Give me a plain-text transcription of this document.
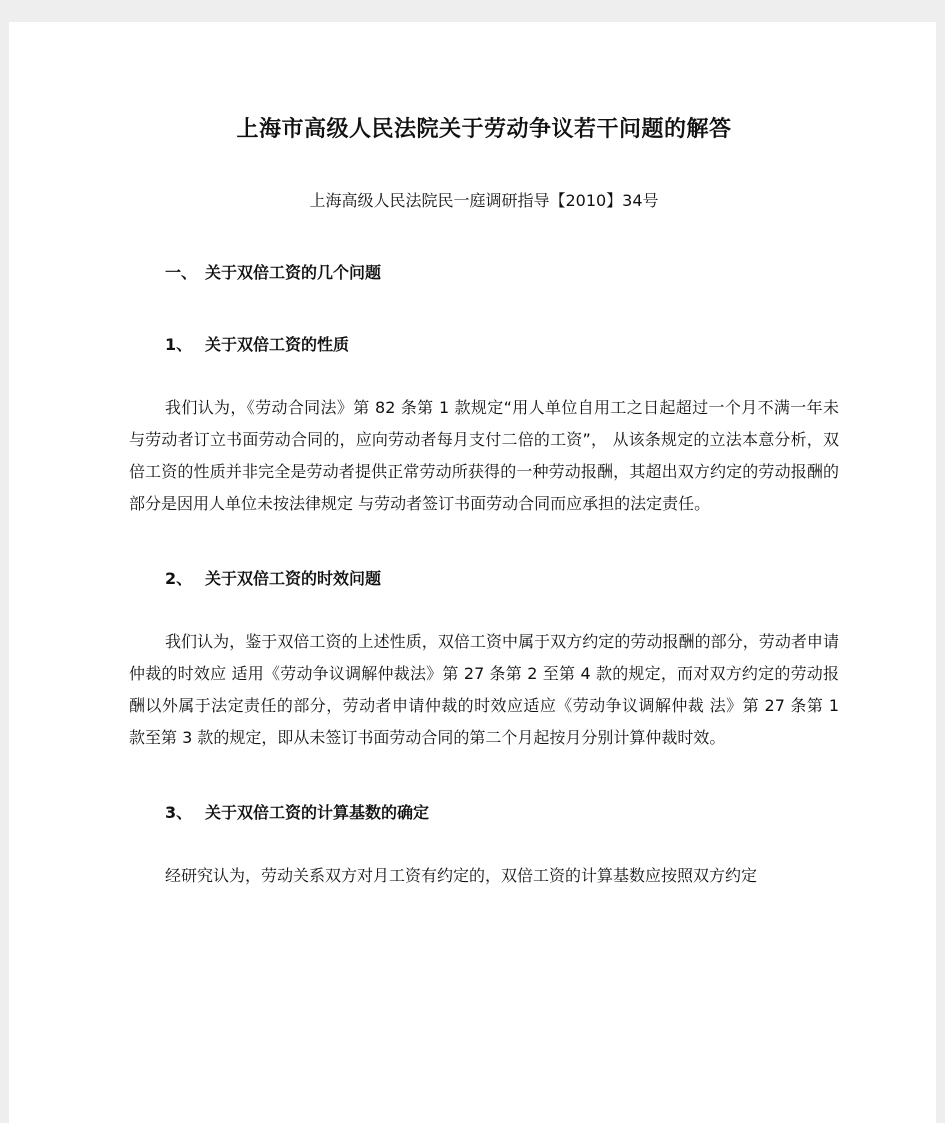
上海市高级人民法院关于劳动争议若干问题的解答

上海高级人民法院民一庭调研指导【2010】34号

一、 关于双倍工资的几个问题

1、 关于双倍工资的性质

我们认为，《劳动合同法》第 82 条第 1 款规定“用人单位自用工之日起超过一个月不满一年未与劳动者订立书面劳动合同的，应向劳动者每月支付二倍的工资”， 从该条规定的立法本意分析，双倍工资的性质并非完全是劳动者提供正常劳动所获得的一种劳动报酬，其超出双方约定的劳动报酬的部分是因用人单位未按法律规定 与劳动者签订书面劳动合同而应承担的法定责任。

2、 关于双倍工资的时效问题

我们认为，鉴于双倍工资的上述性质，双倍工资中属于双方约定的劳动报酬的部分，劳动者申请仲裁的时效应 适用《劳动争议调解仲裁法》第 27 条第 2 至第 4 款的规定，而对双方约定的劳动报酬以外属于法定责任的部分，劳动者申请仲裁的时效应适应《劳动争议调解仲裁 法》第 27 条第 1 款至第 3 款的规定，即从未签订书面劳动合同的第二个月起按月分别计算仲裁时效。

3、 关于双倍工资的计算基数的确定

经研究认为，劳动关系双方对月工资有约定的，双倍工资的计算基数应按照双方约定
